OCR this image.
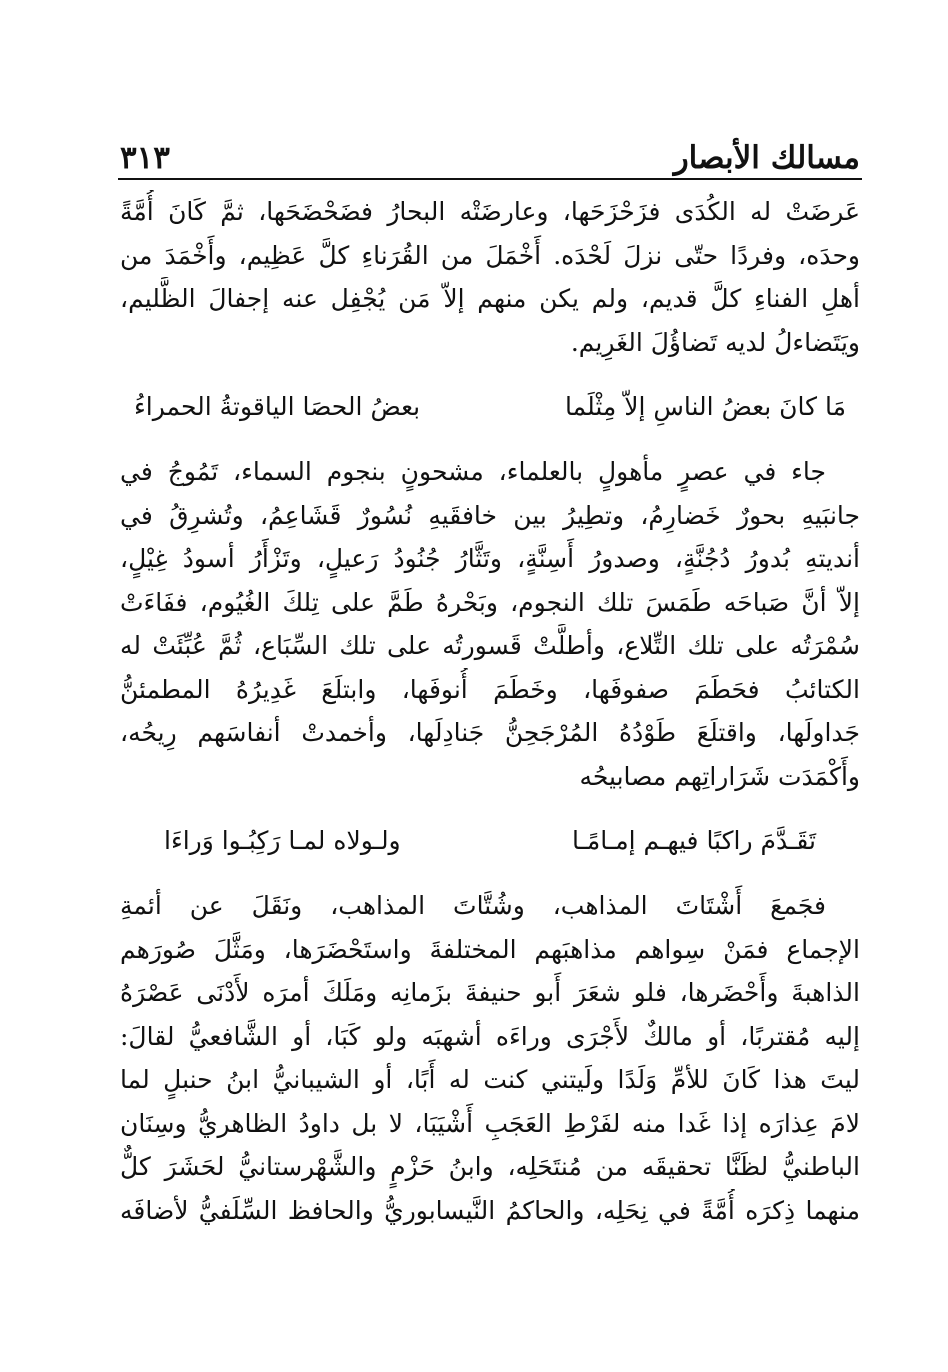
٣١٣	مسالك الأبصار
عَرضَتْ له الكُدَى فزَحْزَحَها، وعارضَتْه البحارُ فضَحْضَحَها، ثمَّ كَانَ أُمَّةً
وحدَه، وفردًا حتّى نزلَ لَحْدَه. أَخْمَلَ من القُرَناءِ كلَّ عَظِيم، وأَخْمَدَ من
أهلِ الفناءِ كلَّ قديم، ولم يكن منهم إلاّ مَن يُجْفِل عنه إجفالَ الظَّليم،
ويَتَضاءلُ لديه تَضاؤُلَ الغَرِيم.
مَا كانَ بعضُ الناسِ إلاّ مِثْلَما
بعضُ الحصَا الياقوتةُ الحمراءُ
جاء في عصرٍ مأهولٍ بالعلماء، مشحونٍ بنجوم السماء، تَمُوجُ في
جانبَيهِ بحورٌ خَضارِمُ، وتطِيرُ بين خافقَيهِ نُسُورٌ قَشَاعِمُ، وتُشرِقُ في
أنديتهِ بُدورُ دُجُنَّةٍ، وصدورُ أَسِنَّةٍ، وتَثَّارُ جُنُودُ رَعيلٍ، وتَزْأَرُ أسودُ غِيْلٍ،
إلاّ أنَّ صَباحَه طَمَسَ تلك النجوم، وبَحْرهُ طَمَّ على تِلكَ الغُيُوم، ففَاءَتْ
سُمْرَتُه على تلك التِّلاع، وأطلَّتْ قَسورتُه على تلك السِّبَاع، ثُمَّ عُبِّئَتْ له
الكتائبُ فحَطَمَ صفوفَها، وخَطَمَ أُنوفَها، وابتلَعَ غَدِيرُهُ المطمئنُّ
جَداولَها، واقتلَعَ طَوْدُهُ المُرْجَحِنُّ جَنادِلَها، وأخمدتْ أنفاسَهم رِيحُه،
وأَكْمَدَت شَرَاراتِهم مصابيحُه
تَقَـدَّمَ راكبًا فيهـم إمـامًـا
ولـولاه لمـا رَكِبُـوا وَراءَا
فجَمعَ أَشْتَاتَ المذاهب، وشُتَّاتَ المذاهب، ونَقَلَ عن أئمةِ
الإجماع فمَنْ سِواهم مذاهبَهم المختلفةَ واستَحْضَرَها، ومَثَّلَ صُورَهم
الذاهبةَ وأَحْضَرها، فلو شعَرَ أَبو حنيفةَ بزَمانِه ومَلَكَ أمرَه لأَدْنَى عَصْرَهُ
إليه مُقتربًا، أو مالكٌ لأَجْرَى وراءَه أشهبَه ولو كَبَا، أو الشَّافعيُّ لقالَ:
ليتَ هذا كَانَ للأمِّ وَلَدًا ولَيتني كنت له أَبًا، أو الشيبانيُّ ابنُ حنبلٍ لما
لامَ عِذارَه إذا غَدا منه لفَرْطِ العَجَبِ أَشْيَبَا، لا بل داودُ الظاهريُّ وسِنَان
الباطنيُّ لظَنَّا تحقيقَه من مُنتَحَلِه، وابنُ حَزْمٍ والشَّهْرستانيُّ لحَشَرَ كلٌّ
منهما ذِكرَه أُمَّةً في نِحَلِه، والحاكمُ النَّيسابوريُّ والحافظ السِّلَفيُّ لأضافَه
